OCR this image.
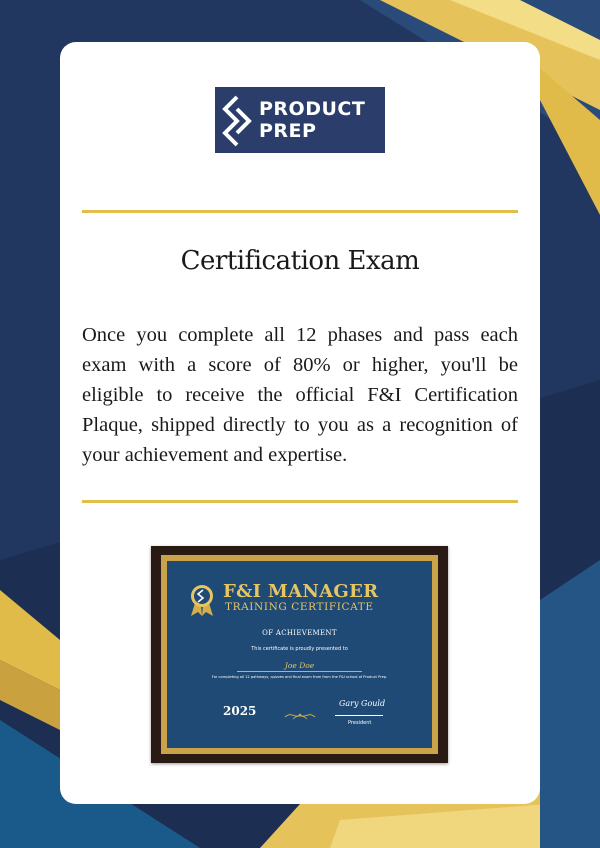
PRODUCT
PREP
Certification Exam
Once you complete all 12 phases and pass each exam with a score of 80% or higher, you'll be eligible to receive the official F&I Certification Plaque, shipped directly to you as a recognition of your achievement and expertise.
F&I MANAGER
TRAINING CERTIFICATE
OF ACHIEVEMENT
This certificate is proudly presented to
Joe Doe
For completing all 12 pathways, quizzes and final exam from from the F&I school of Product Prep.
2025
Gary Gould
President
